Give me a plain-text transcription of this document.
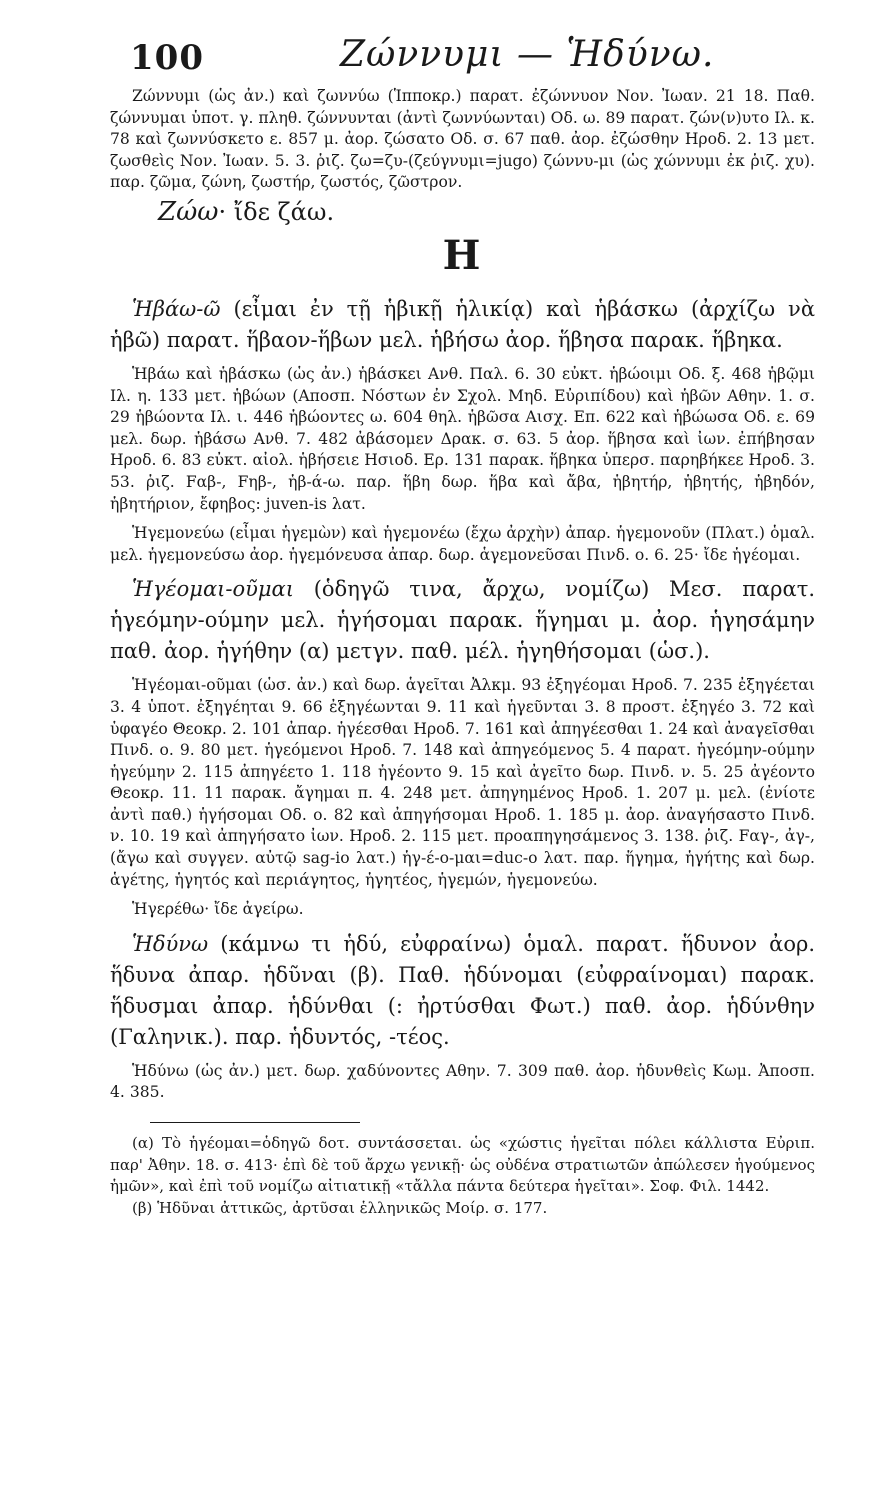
100	Ζώννυμι — Ἡδύνω.

Ζώννυμι (ὡς ἀν.) καὶ ζωννύω (Ἱπποκρ.) παρατ. ἐζώννυον Νον. Ἰωαν. 21 18. Παθ. ζώννυμαι ὑποτ. γ. πληθ. ζώννυνται (ἀντὶ ζωννύωνται) Οδ. ω. 89 παρατ. ζών(ν)υτο Ιλ. κ. 78 καὶ ζωννύσκετο ε. 857 μ. ἀορ. ζώσατο Οδ. σ. 67 παθ. ἀορ. ἐζώσθην Ηροδ. 2. 13 μετ. ζωσθεὶς Νον. Ἰωαν. 5. 3. ῥιζ. ζω=ζυ-(ζεύγνυμι=jugo) ζώννυ-μι (ὡς χώννυμι ἐκ ῥιζ. χυ). παρ. ζῶμα, ζώνη, ζωστήρ, ζωστός, ζῶστρον.

Ζώω· ἴδε ζάω.

Η

Ἡβάω-ῶ (εἶμαι ἐν τῇ ἡβικῇ ἡλικίᾳ) καὶ ἡβάσκω (ἀρχίζω νὰ ἡβῶ) παρατ. ἥβαον-ἥβων μελ. ἡβήσω ἀορ. ἥβησα παρακ. ἥβηκα.

Ἡβάω καὶ ἡβάσκω (ὡς ἀν.) ἡβάσκει Ανθ. Παλ. 6. 30 εὐκτ. ἡβώοιμι Οδ. ξ. 468 ἡβῷμι Ιλ. η. 133 μετ. ἡβώων (Αποσπ. Νόστων ἐν Σχολ. Μηδ. Εὐριπίδου) καὶ ἡβῶν Αθην. 1. σ. 29 ἡβώοντα Ιλ. ι. 446 ἡβώοντες ω. 604 θηλ. ἡβῶσα Αισχ. Επ. 622 καὶ ἡβώωσα Οδ. ε. 69 μελ. δωρ. ἡβάσω Ανθ. 7. 482 ἀβάσομεν Δρακ. σ. 63. 5 ἀορ. ἥβησα καὶ ἰων. ἐπήβησαν Ηροδ. 6. 83 εὐκτ. αἰολ. ἡβήσειε Ησιοδ. Ερ. 131 παρακ. ἥβηκα ὑπερσ. παρηβήκεε Ηροδ. 3. 53. ῥιζ. Fαβ-, Fηβ-, ἡβ-ά-ω. παρ. ἥβη δωρ. ἥβα καὶ ἄβα, ἡβητήρ, ἡβητής, ἡβηδόν, ἡβητήριον, ἔφηβος: juven-is λατ.

Ἡγεμονεύω (εἶμαι ἡγεμὼν) καὶ ἡγεμονέω (ἔχω ἀρχὴν) ἀπαρ. ἡγεμονοῦν (Πλατ.) ὁμαλ. μελ. ἡγεμονεύσω ἀορ. ἡγεμόνευσα ἀπαρ. δωρ. ἁγεμονεῦσαι Πινδ. ο. 6. 25· ἴδε ἡγέομαι.

Ἡγέομαι-οῦμαι (ὁδηγῶ τινα, ἄρχω, νομίζω) Μεσ. παρατ. ἡγεόμην-ούμην μελ. ἡγήσομαι παρακ. ἥγημαι μ. ἀορ. ἡγησάμην παθ. ἀορ. ἡγήθην (α) μετγν. παθ. μέλ. ἡγηθήσομαι (ὡσ.).

Ἡγέομαι-οῦμαι (ὡσ. ἀν.) καὶ δωρ. ἁγεῖται Ἀλκμ. 93 ἐξηγέομαι Ηροδ. 7. 235 ἐξηγέεται 3. 4 ὑποτ. ἐξηγέηται 9. 66 ἐξηγέωνται 9. 11 καὶ ἡγεῦνται 3. 8 προστ. ἐξηγέο 3. 72 καὶ ὑφαγέο Θεοκρ. 2. 101 ἀπαρ. ἡγέεσθαι Ηροδ. 7. 161 καὶ ἀπηγέεσθαι 1. 24 καὶ ἀναγεῖσθαι Πινδ. ο. 9. 80 μετ. ἡγεόμενοι Ηροδ. 7. 148 καὶ ἀπηγεόμενος 5. 4 παρατ. ἡγεόμην-ούμην ἡγεύμην 2. 115 ἀπηγέετο 1. 118 ἡγέοντο 9. 15 καὶ ἀγεῖτο δωρ. Πινδ. ν. 5. 25 ἀγέοντο Θεοκρ. 11. 11 παρακ. ἄγημαι π. 4. 248 μετ. ἀπηγημένος Ηροδ. 1. 207 μ. μελ. (ἐνίοτε ἀντὶ παθ.) ἡγήσομαι Οδ. ο. 82 καὶ ἀπηγήσομαι Ηροδ. 1. 185 μ. ἀορ. ἀναγήσαστο Πινδ. ν. 10. 19 καὶ ἀπηγήσατο ἰων. Ηροδ. 2. 115 μετ. προαπηγησάμενος 3. 138. ῥιζ. Fαγ-, ἀγ-, (ἄγω καὶ συγγεν. αὐτῷ sag-io λατ.) ἡγ-έ-ο-μαι=duc-o λατ. παρ. ἥγημα, ἡγήτης καὶ δωρ. ἁγέτης, ἡγητός καὶ περιάγητος, ἡγητέος, ἡγεμών, ἡγεμονεύω.

Ἡγερέθω· ἴδε ἀγείρω.

Ἡδύνω (κάμνω τι ἡδύ, εὐφραίνω) ὁμαλ. παρατ. ἥδυνον ἀορ. ἥδυνα ἀπαρ. ἡδῦναι (β). Παθ. ἡδύνομαι (εὐφραίνομαι) παρακ. ἥδυσμαι ἀπαρ. ἡδύνθαι (: ἠρτύσθαι Φωτ.) παθ. ἀορ. ἡδύνθην (Γαληνικ.). παρ. ἡδυντός, -τέος.

Ἡδύνω (ὡς ἀν.) μετ. δωρ. χαδύνοντες Αθην. 7. 309 παθ. ἀορ. ἡδυνθεὶς Κωμ. Ἀποσπ. 4. 385.

(α) Τὸ ἡγέομαι=ὁδηγῶ δοτ. συντάσσεται. ὡς «χώστις ἡγεῖται πόλει κάλλιστα Εὐριπ. παρ' Ἀθην. 18. σ. 413· ἐπὶ δὲ τοῦ ἄρχω γενικῇ· ὡς οὐδένα στρατιωτῶν ἀπώλεσεν ἡγούμενος ἡμῶν», καὶ ἐπὶ τοῦ νομίζω αἰτιατικῇ «τἄλλα πάντα δεύτερα ἡγεῖται». Σοφ. Φιλ. 1442.

(β) Ἡδῦναι ἀττικῶς, ἀρτῦσαι ἑλληνικῶς Μοίρ. σ. 177.
